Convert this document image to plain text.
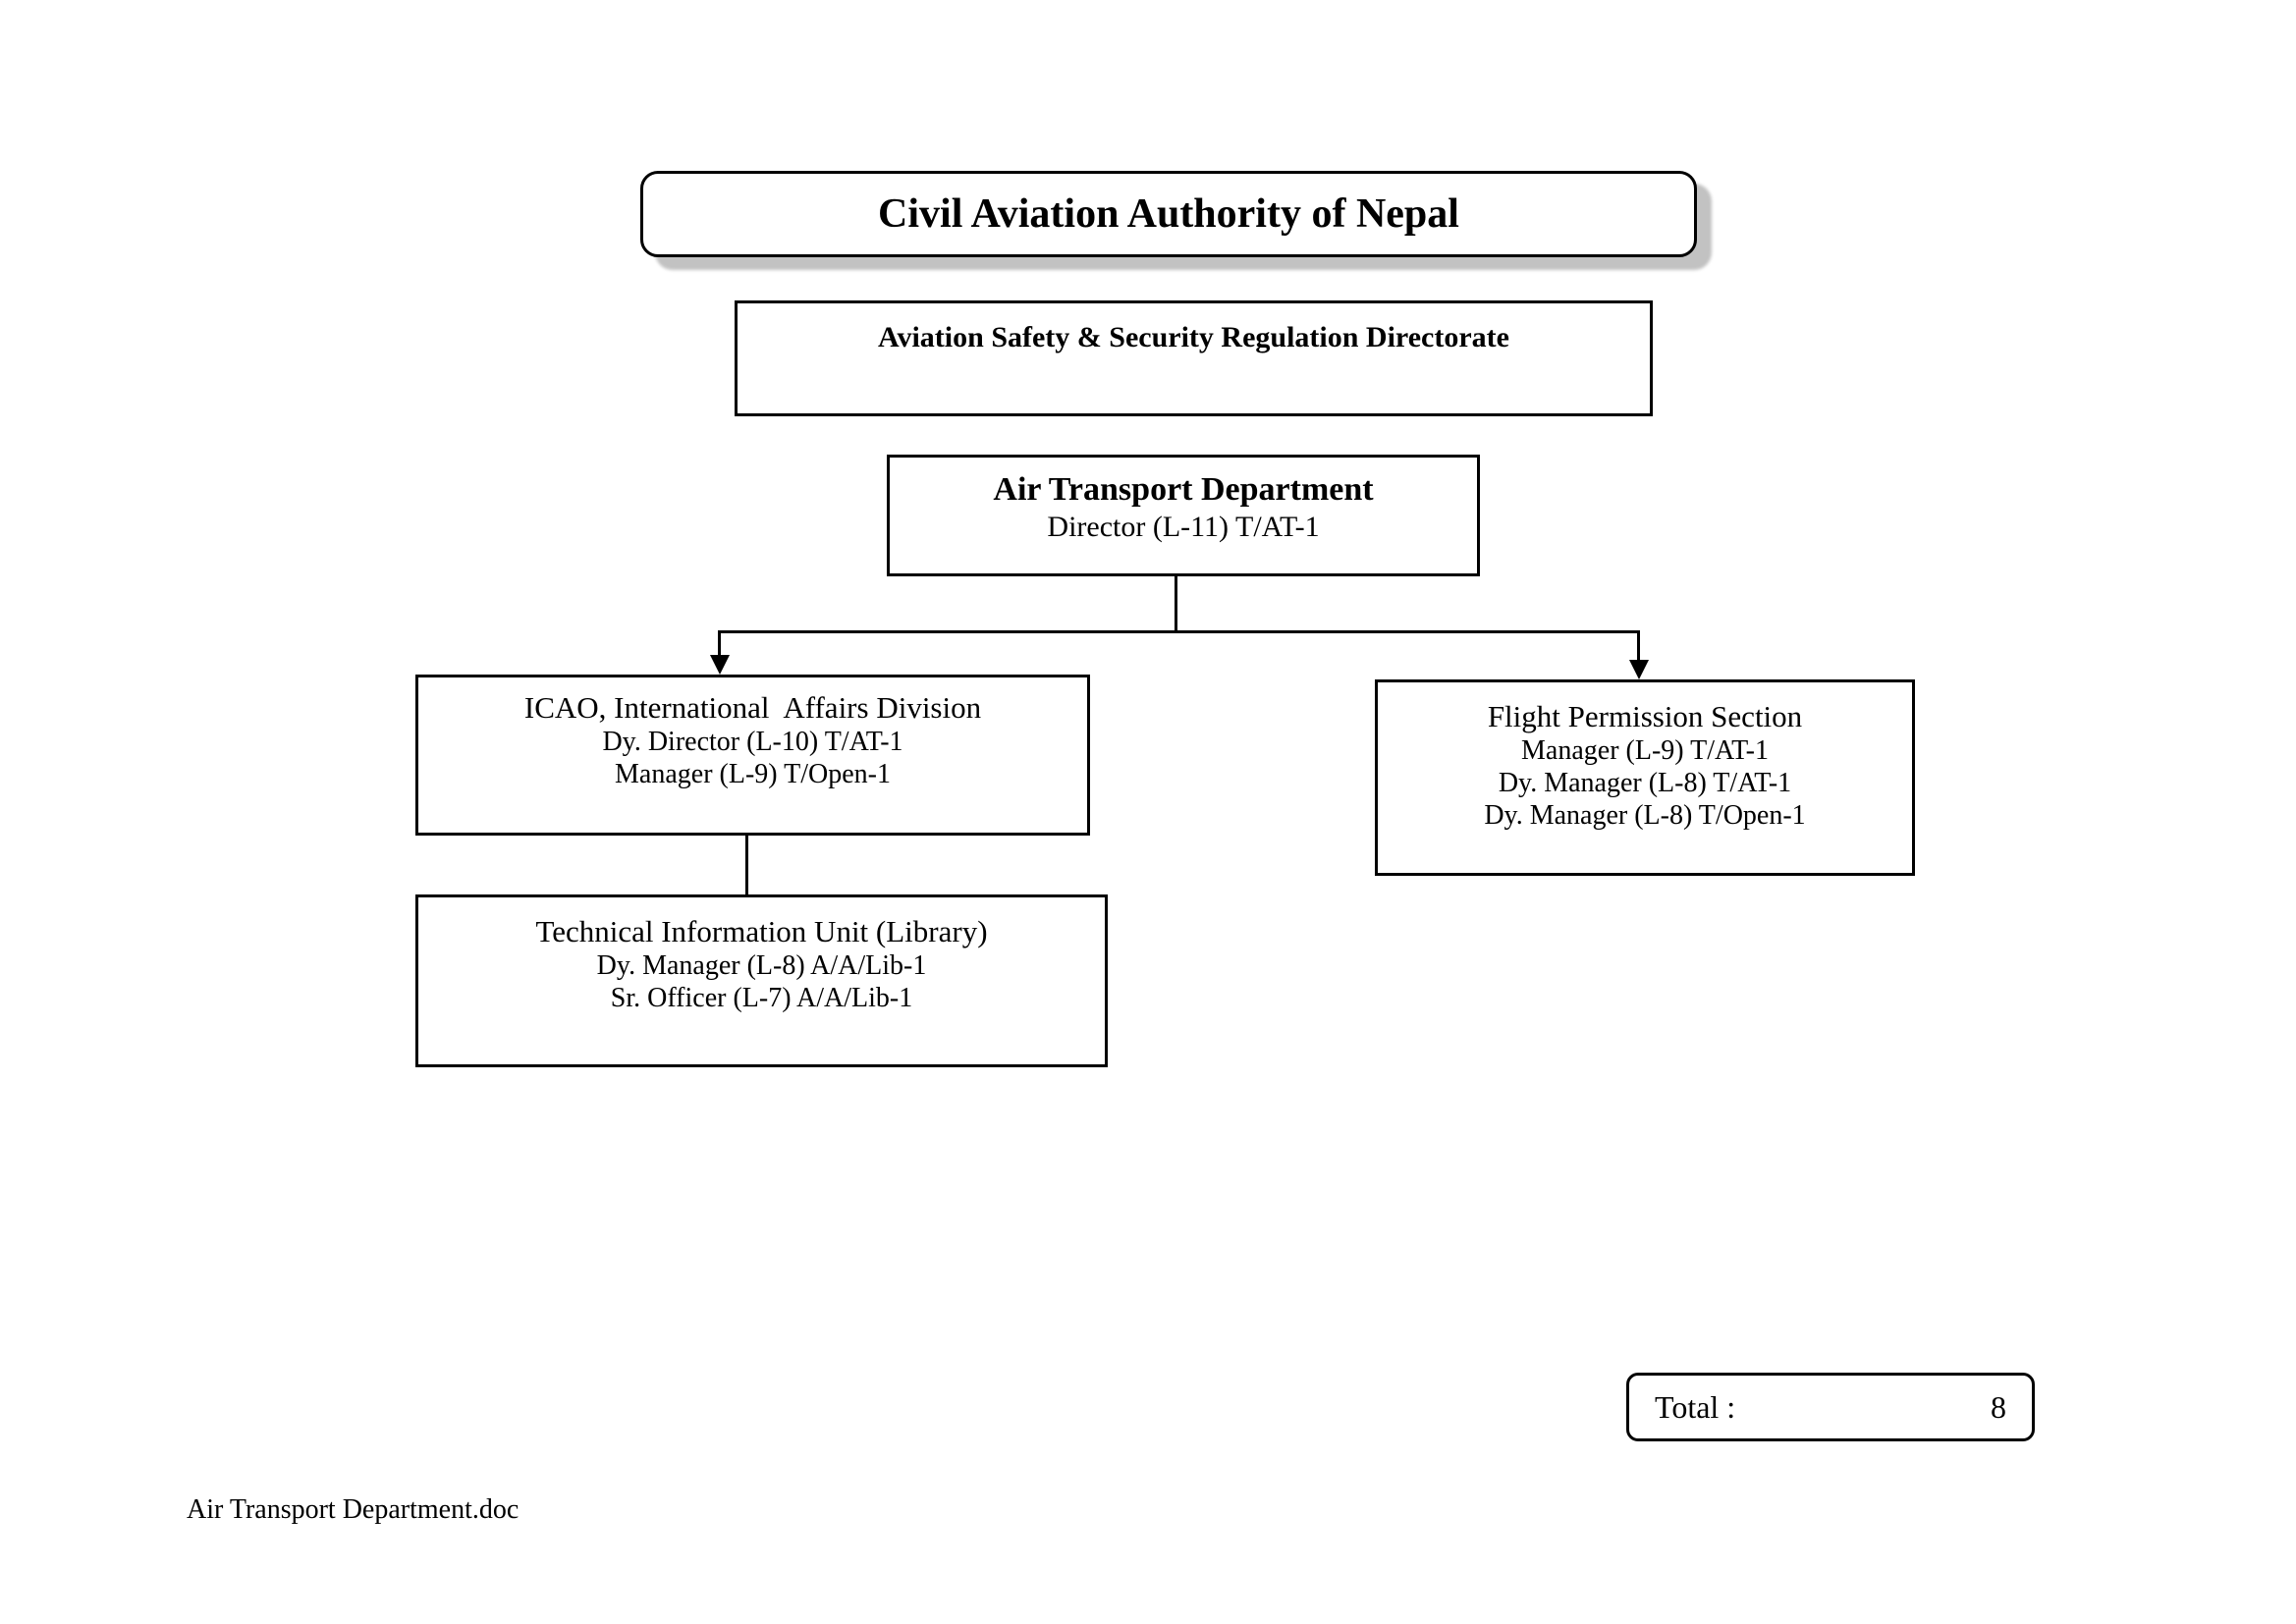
Civil Aviation Authority of Nepal
Aviation Safety & Security Regulation Directorate
Air Transport Department
Director (L-11) T/AT-1
ICAO, International  Affairs Division
Dy. Director (L-10) T/AT-1
Manager (L-9) T/Open-1
Flight Permission Section
Manager (L-9) T/AT-1
Dy. Manager (L-8) T/AT-1
Dy. Manager (L-8) T/Open-1
Technical Information Unit (Library)
Dy. Manager (L-8) A/A/Lib-1
Sr. Officer (L-7) A/A/Lib-1
Total :	8
Air Transport Department.doc
